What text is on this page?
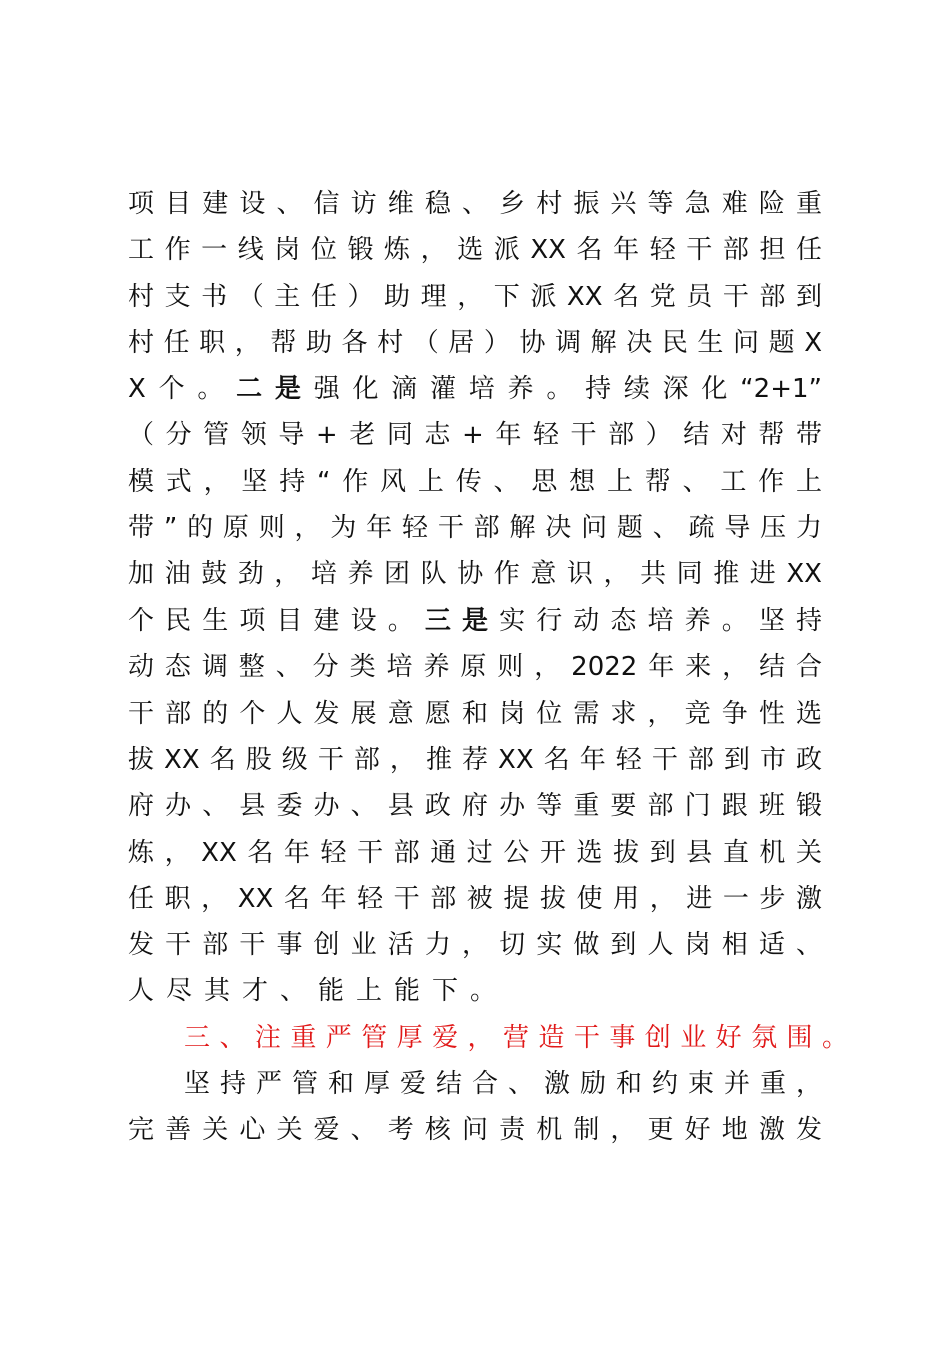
项目建设、信访维稳、乡村振兴等急难险重
工作一线岗位锻炼，选派XX名年轻干部担任
村支书（主任）助理，下派XX名党员干部到
村任职，帮助各村（居）协调解决民生问题X
X个。二是强化滴灌培养。持续深化“2+1”
（分管领导+老同志+年轻干部）结对帮带
模式，坚持“作风上传、思想上帮、工作上
带”的原则，为年轻干部解决问题、疏导压力
加油鼓劲，培养团队协作意识，共同推进XX
个民生项目建设。三是实行动态培养。坚持
动态调整、分类培养原则，2022年来，结合
干部的个人发展意愿和岗位需求，竞争性选
拔XX名股级干部，推荐XX名年轻干部到市政
府办、县委办、县政府办等重要部门跟班锻
炼，XX名年轻干部通过公开选拔到县直机关
任职，XX名年轻干部被提拔使用，进一步激
发干部干事创业活力，切实做到人岗相适、
人尽其才、能上能下。
三、注重严管厚爱，营造干事创业好氛围。
坚持严管和厚爱结合、激励和约束并重，
完善关心关爱、考核问责机制，更好地激发
